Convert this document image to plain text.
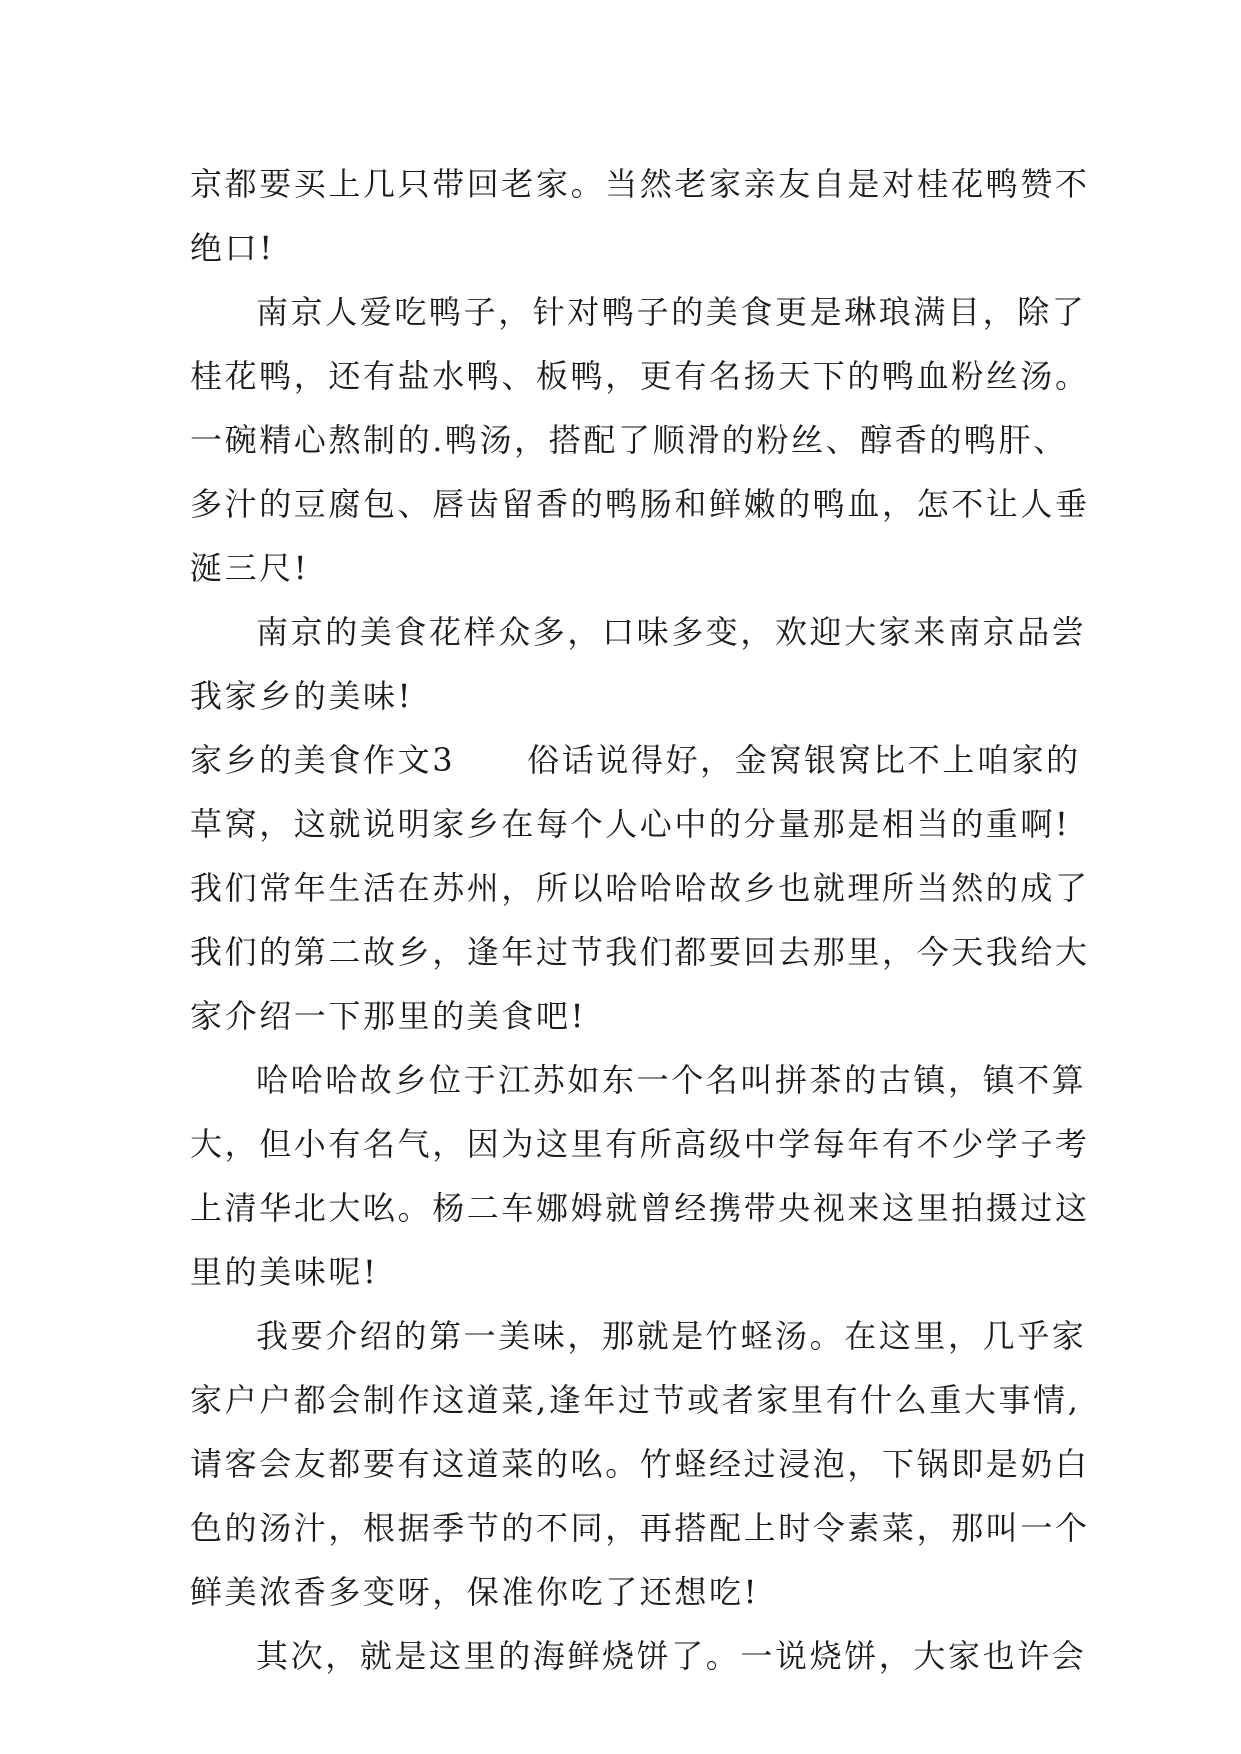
京都要买上几只带回老家。当然老家亲友自是对桂花鸭赞不
绝口!
南京人爱吃鸭子，针对鸭子的美食更是琳琅满目，除了
桂花鸭，还有盐水鸭、板鸭，更有名扬天下的鸭血粉丝汤。
一碗精心熬制的.鸭汤，搭配了顺滑的粉丝、醇香的鸭肝、
多汁的豆腐包、唇齿留香的鸭肠和鲜嫩的鸭血，怎不让人垂
涎三尺!
南京的美食花样众多，口味多变，欢迎大家来南京品尝
我家乡的美味!
家乡的美食作文3 俗话说得好，金窝银窝比不上咱家的
草窝，这就说明家乡在每个人心中的分量那是相当的重啊!
我们常年生活在苏州，所以哈哈哈故乡也就理所当然的成了
我们的第二故乡，逢年过节我们都要回去那里，今天我给大
家介绍一下那里的美食吧!
哈哈哈故乡位于江苏如东一个名叫拼茶的古镇，镇不算
大，但小有名气，因为这里有所高级中学每年有不少学子考
上清华北大吆。杨二车娜姆就曾经携带央视来这里拍摄过这
里的美味呢!
我要介绍的第一美味，那就是竹蛏汤。在这里，几乎家
家户户都会制作这道菜,逢年过节或者家里有什么重大事情,
请客会友都要有这道菜的吆。竹蛏经过浸泡，下锅即是奶白
色的汤汁，根据季节的不同，再搭配上时令素菜，那叫一个
鲜美浓香多变呀，保准你吃了还想吃!
其次，就是这里的海鲜烧饼了。一说烧饼，大家也许会
